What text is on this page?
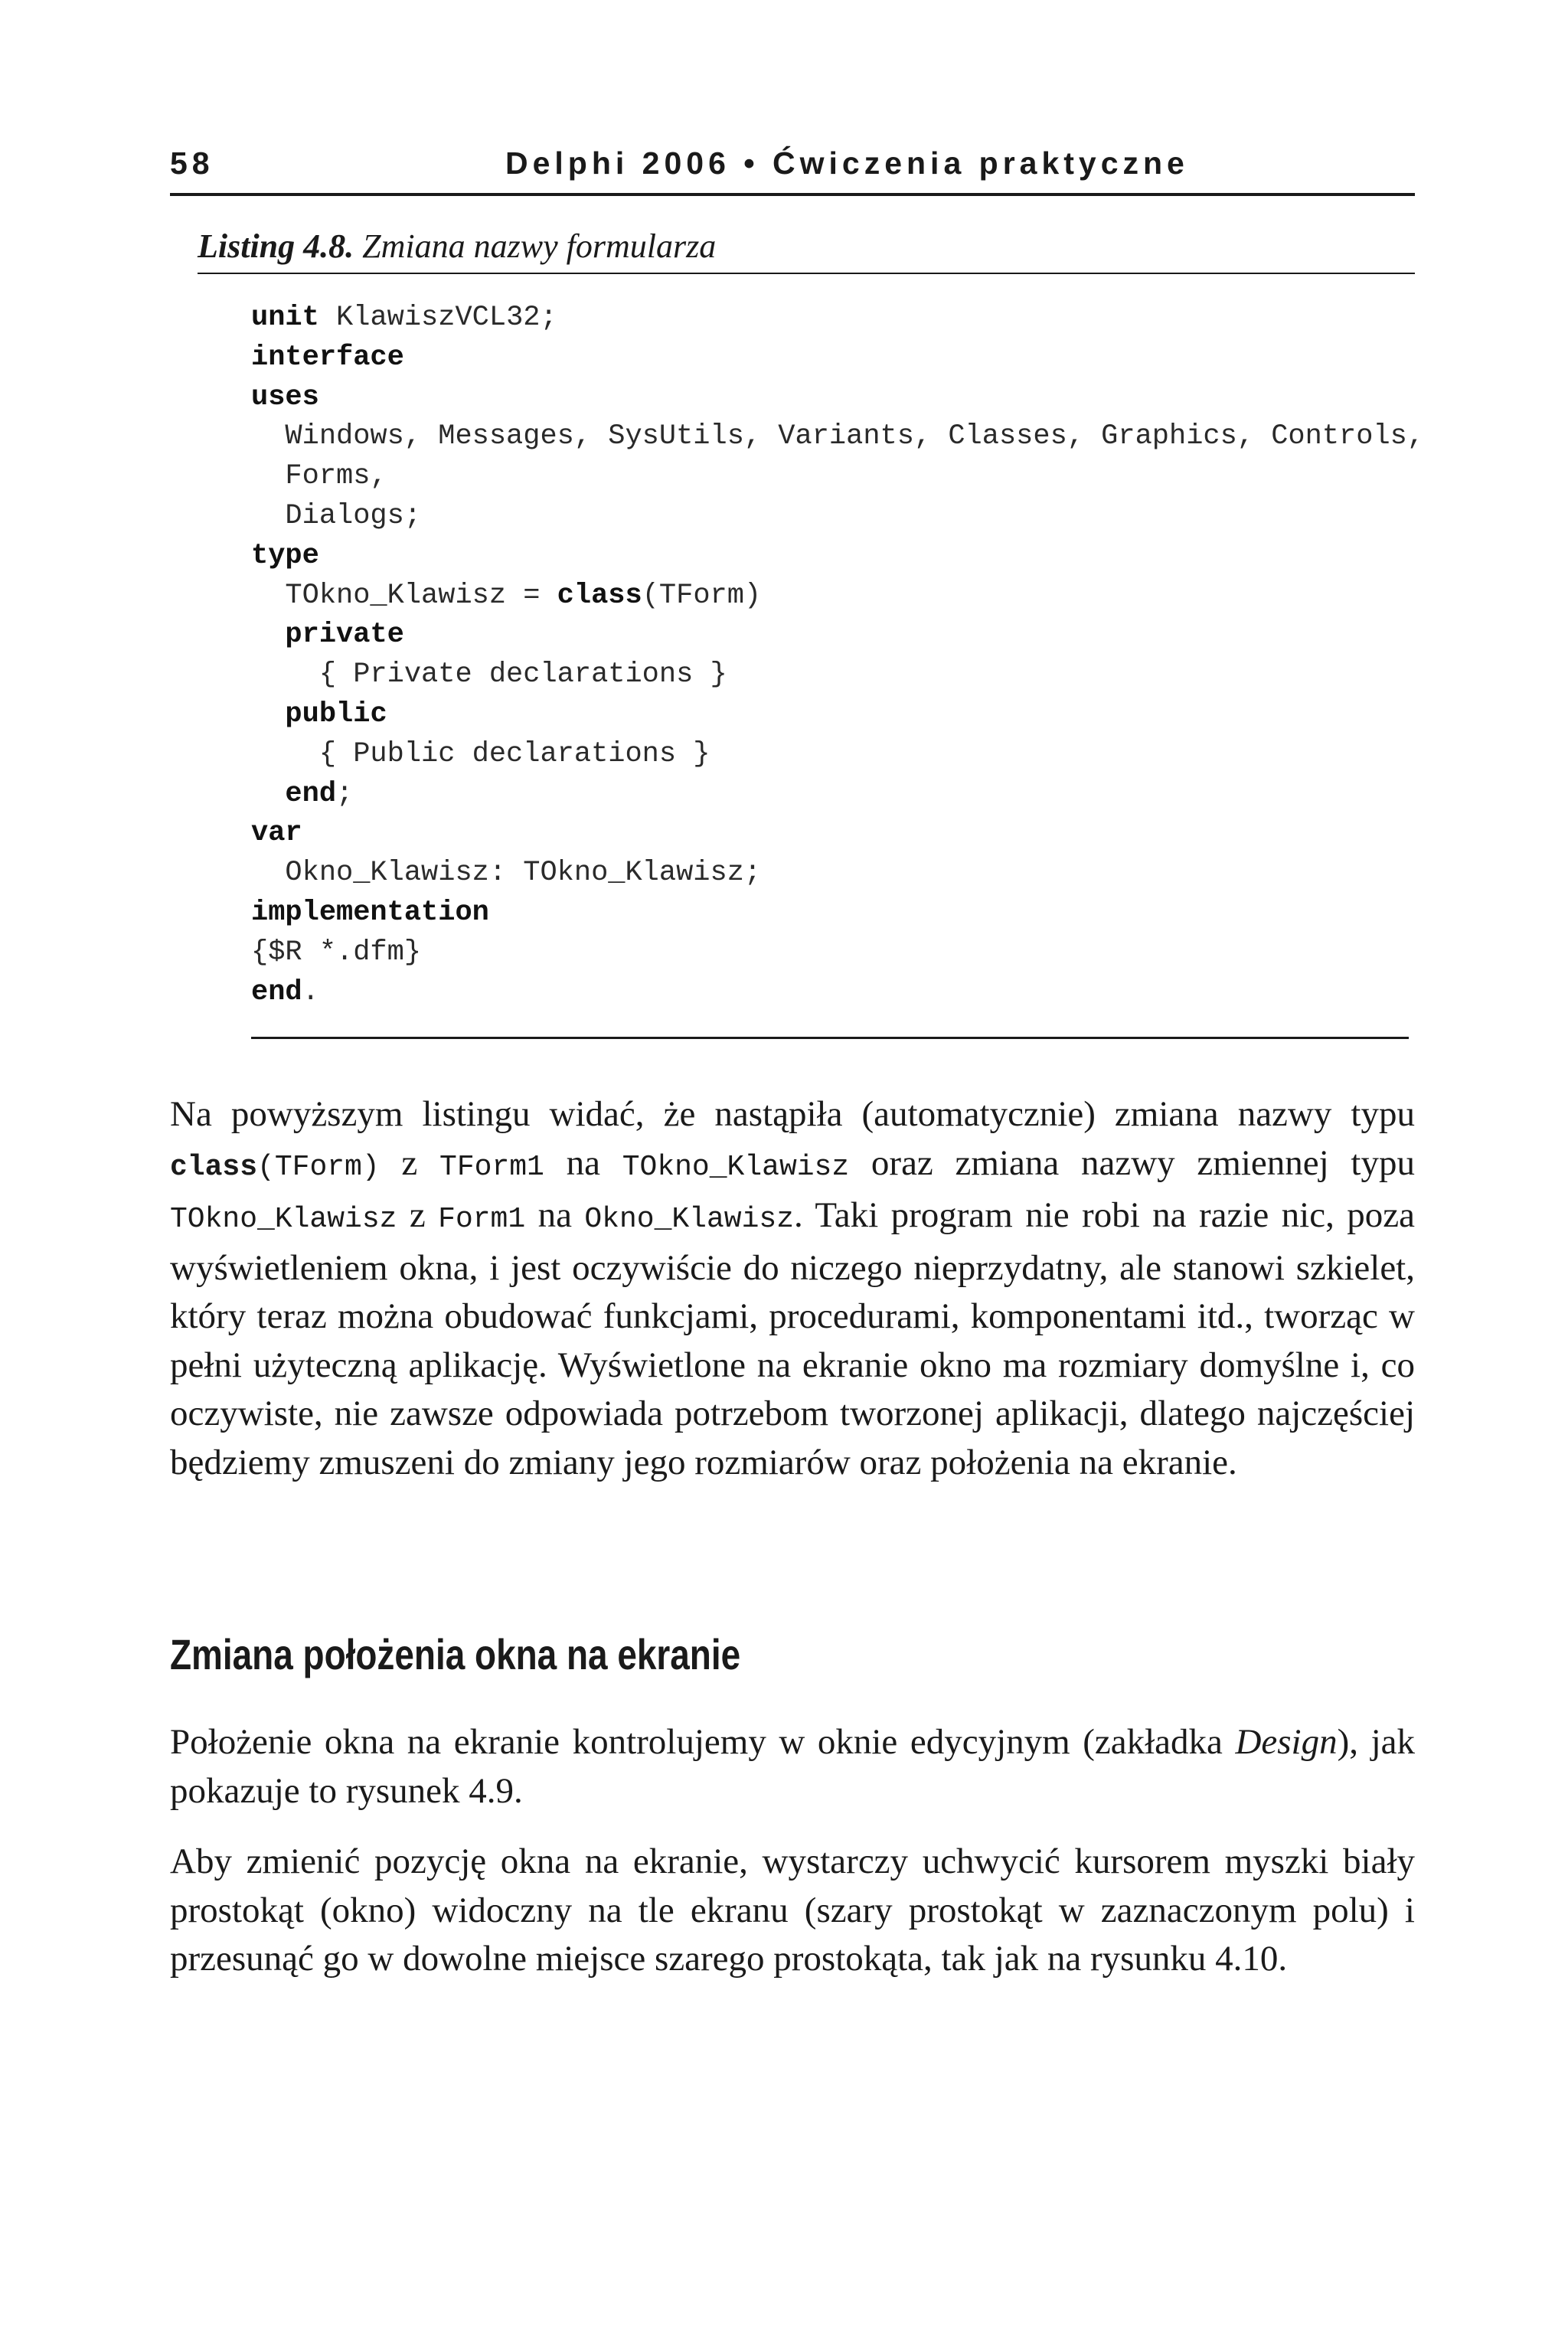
58	Delphi 2006 • Ćwiczenia praktyczne
Listing 4.8. Zmiana nazwy formularza
unit KlawiszVCL32;
interface
uses
Windows, Messages, SysUtils, Variants, Classes, Graphics, Controls,
Forms,
Dialogs;
type
TOkno_Klawisz = class(TForm)
private
{ Private declarations }
public
{ Public declarations }
end;
var
Okno_Klawisz: TOkno_Klawisz;
implementation
{$R *.dfm}
end.

Na powyższym listingu widać, że nastąpiła (automatycznie) zmiana nazwy typu class(TForm) z TForm1 na TOkno_Klawisz oraz zmiana nazwy zmiennej typu TOkno_Klawisz z Form1 na Okno_Klawisz. Taki program nie robi na razie nic, poza wyświetleniem okna, i jest oczywiście do niczego nieprzydatny, ale stanowi szkielet, który teraz można obudować funkcjami, procedurami, komponentami itd., tworząc w pełni użyteczną aplikację. Wyświetlone na ekranie okno ma rozmiary domyślne i, co oczywiste, nie zawsze odpowiada potrzebom tworzonej aplikacji, dlatego najczęściej będziemy zmuszeni do zmiany jego rozmiarów oraz położenia na ekranie.

Zmiana położenia okna na ekranie

Położenie okna na ekranie kontrolujemy w oknie edycyjnym (zakładka Design), jak pokazuje to rysunek 4.9.

Aby zmienić pozycję okna na ekranie, wystarczy uchwycić kursorem myszki biały prostokąt (okno) widoczny na tle ekranu (szary prostokąt w zaznaczonym polu) i przesunąć go w dowolne miejsce szarego prostokąta, tak jak na rysunku 4.10.
